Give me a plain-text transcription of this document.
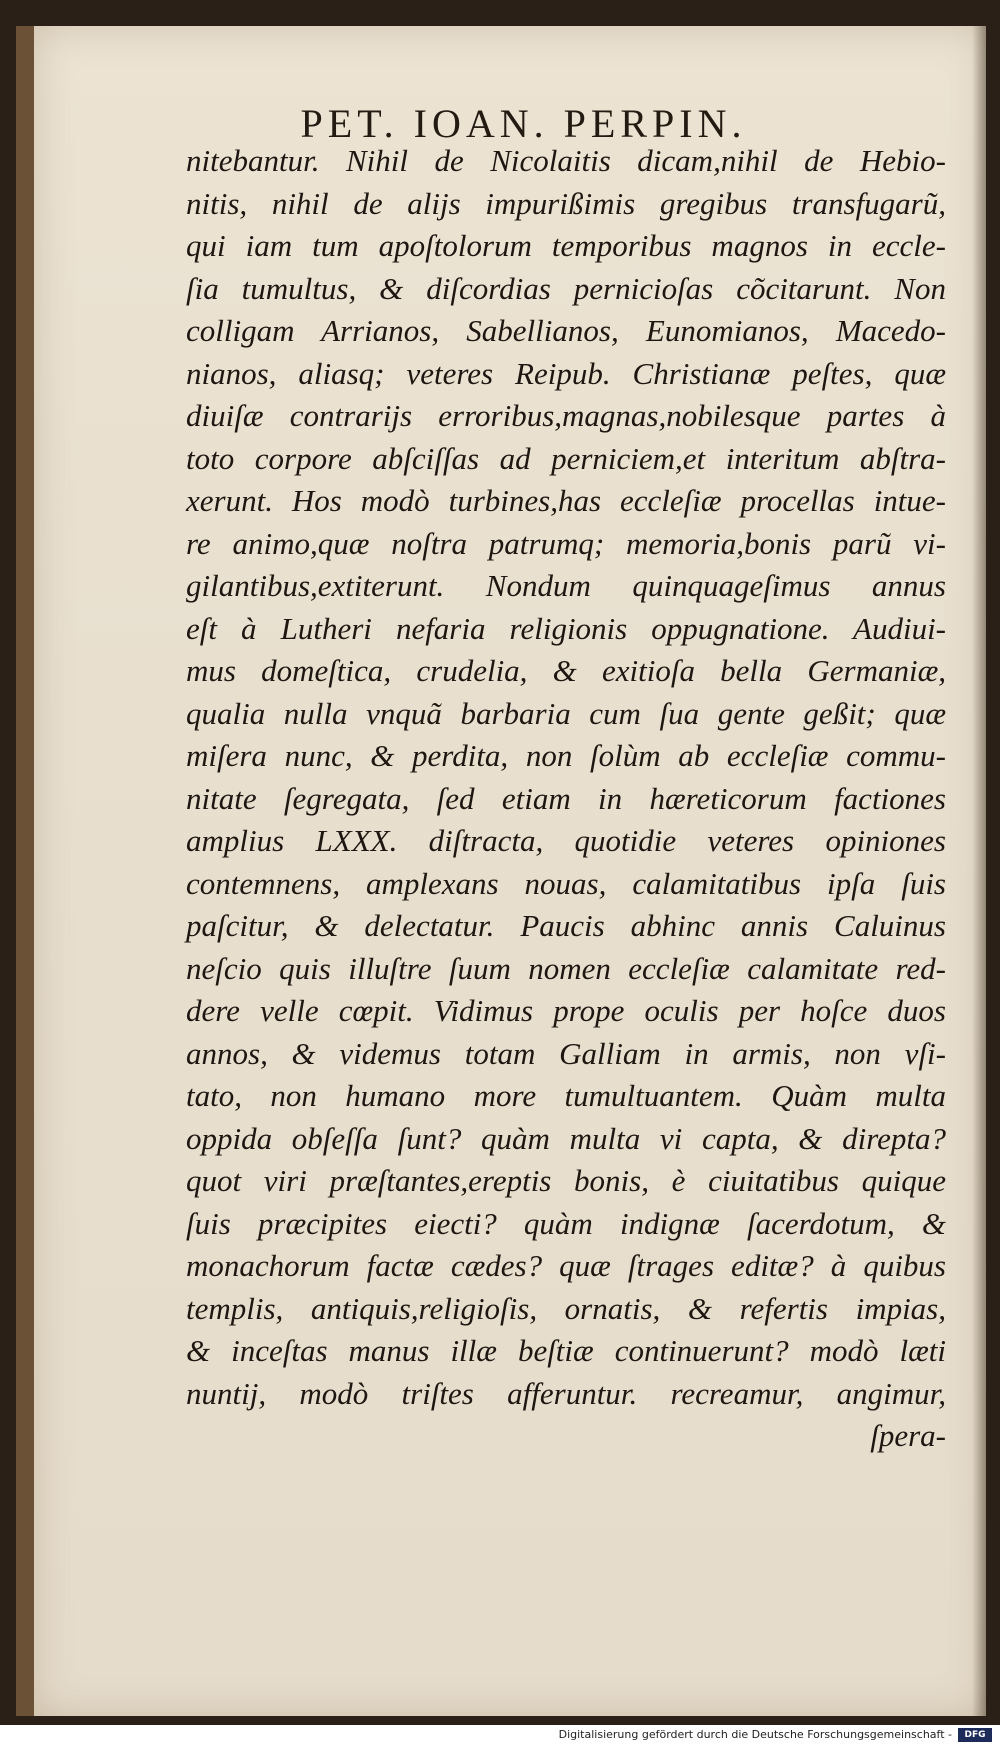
PET. IOAN. PERPIN.
nitebantur. Nihil de Nicolaitis dicam,nihil de Hebio-
nitis, nihil de alijs impurißimis gregibus transfugarũ,
qui iam tum apoſtolorum temporibus magnos in eccle-
ſia tumultus, & diſcordias pernicioſas cõcitarunt. Non
colligam Arrianos, Sabellianos, Eunomianos, Macedo-
nianos, aliasq; veteres Reipub. Christianæ peſtes, quæ
diuiſæ contrarijs erroribus,magnas,nobilesque partes à
toto corpore abſciſſas ad perniciem,et interitum abſtra-
xerunt. Hos modò turbines,has eccleſiæ procellas intue-
re animo,quæ noſtra patrumq; memoria,bonis parũ vi-
gilantibus,extiterunt. Nondum quinquageſimus annus
eſt à Lutheri nefaria religionis oppugnatione. Audiui-
mus domeſtica, crudelia, & exitioſa bella Germaniæ,
qualia nulla vnquã barbaria cum ſua gente geßit; quæ
miſera nunc, & perdita, non ſolùm ab eccleſiæ commu-
nitate ſegregata, ſed etiam in hæreticorum factiones
amplius LXXX. diſtracta, quotidie veteres opiniones
contemnens, amplexans nouas, calamitatibus ipſa ſuis
paſcitur, & delectatur. Paucis abhinc annis Caluinus
neſcio quis illuſtre ſuum nomen eccleſiæ calamitate red-
dere velle cœpit. Vidimus prope oculis per hoſce duos
annos, & videmus totam Galliam in armis, non vſi-
tato, non humano more tumultuantem. Quàm multa
oppida obſeſſa ſunt? quàm multa vi capta, & direpta?
quot viri præſtantes,ereptis bonis, è ciuitatibus quique
ſuis præcipites eiecti? quàm indignæ ſacerdotum, &
monachorum factæ cædes? quæ ſtrages editæ? à quibus
templis, antiquis,religioſis, ornatis, & refertis impias,
& inceſtas manus illæ beſtiæ continuerunt? modò læti
nuntij, modò triſtes afferuntur. recreamur, angimur,
ſpera-
Digitalisierung gefördert durch die Deutsche Forschungsgemeinschaft -	DFG
